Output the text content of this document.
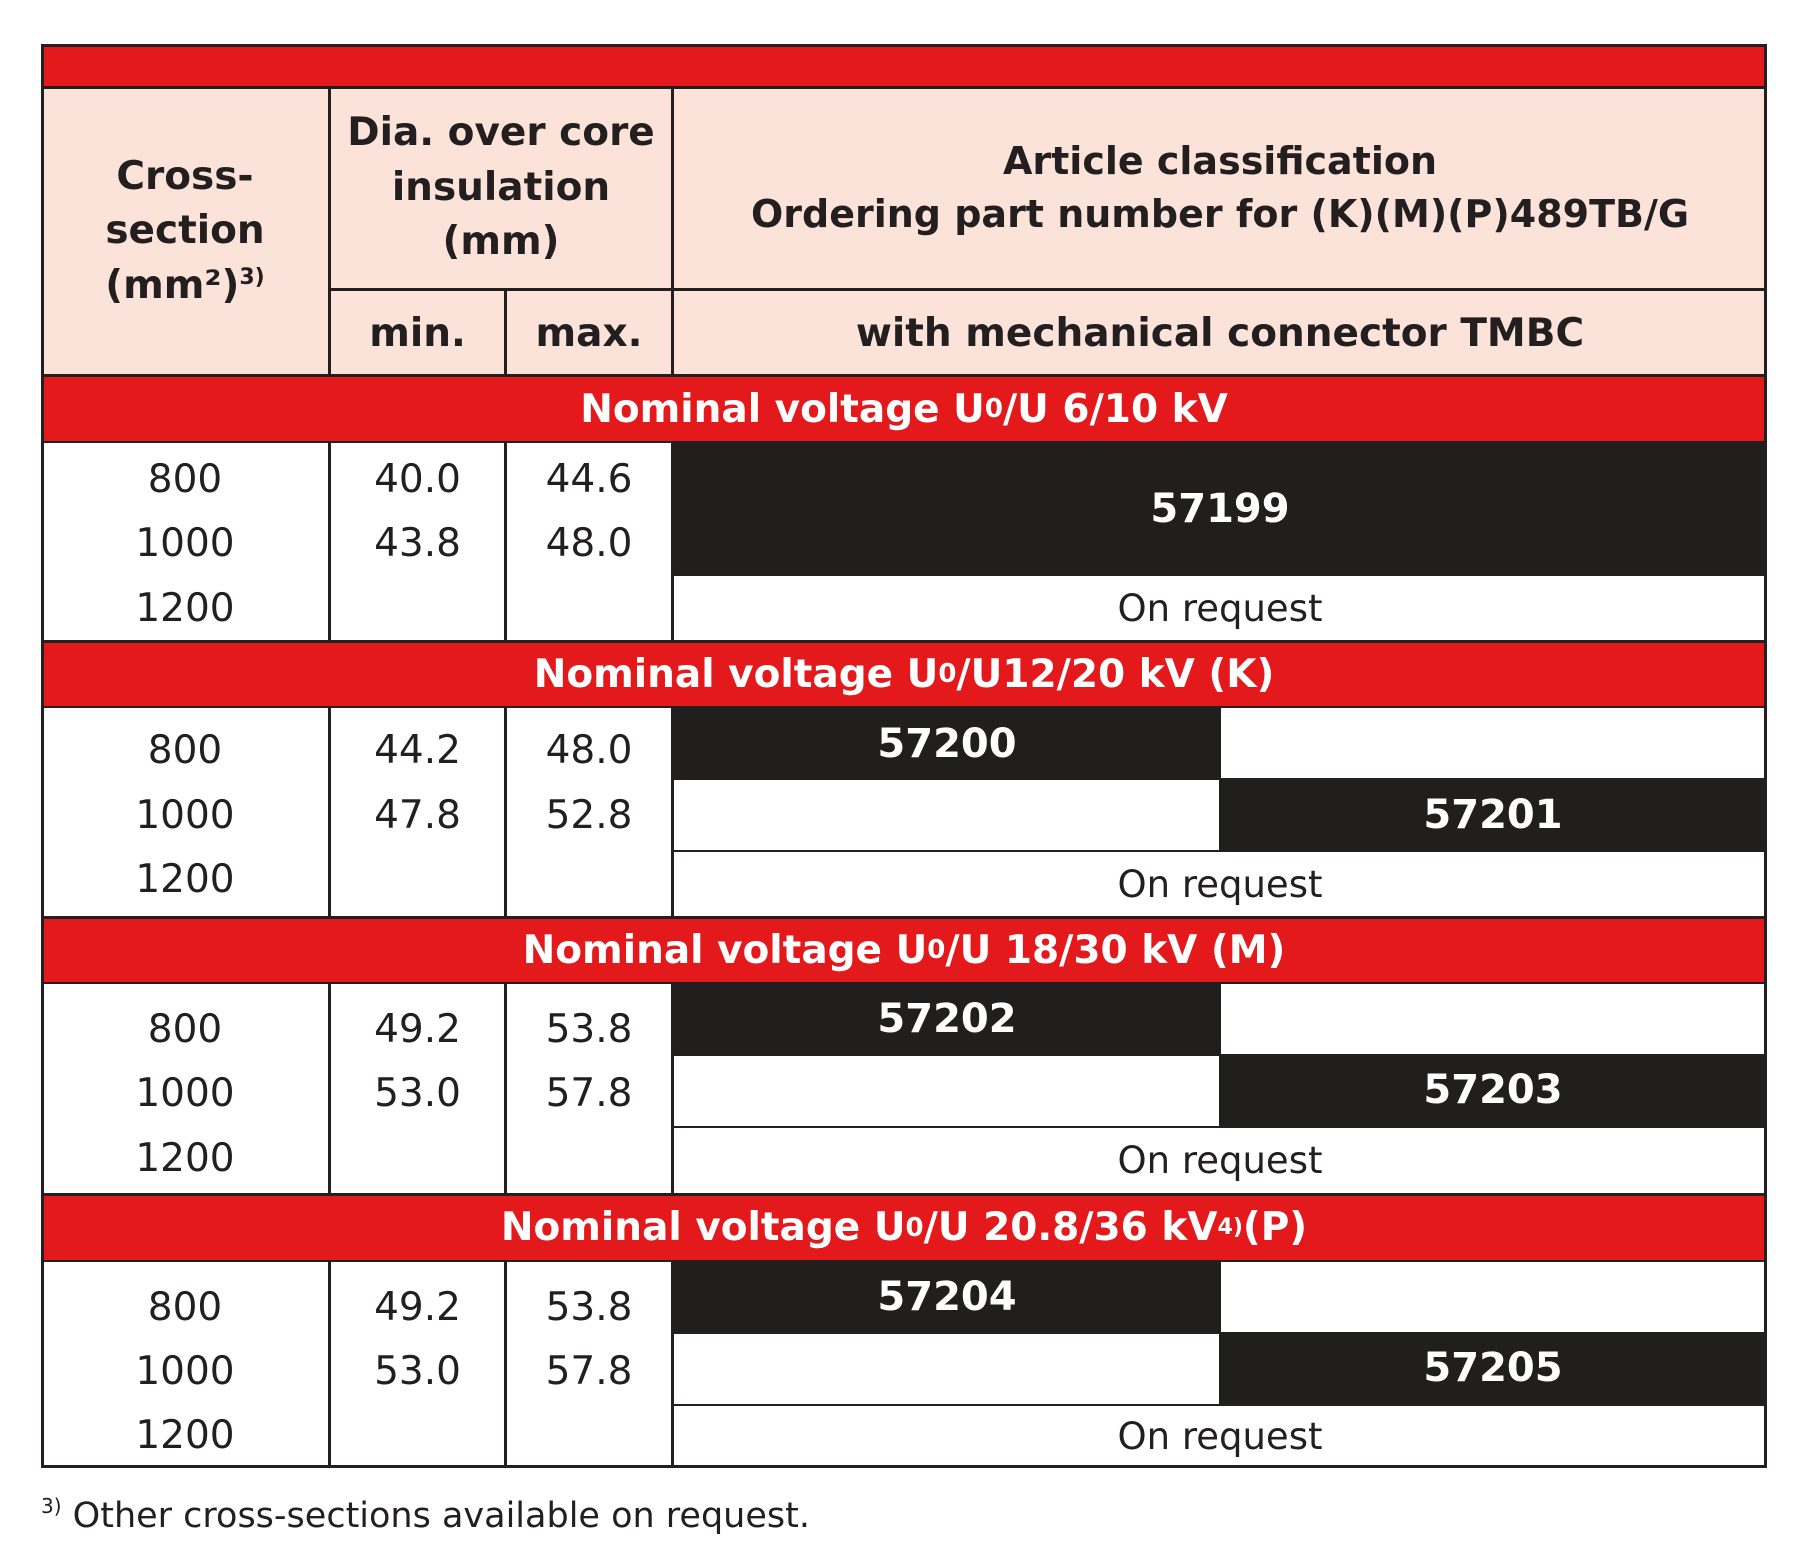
Cross-
section
$(mm^2)^{3)}$
Dia. over core
insulation (mm)
min. max.
Article classification
Ordering part number for (K)(M)(P)489TB/G
with mechanical connector TMBC
Nominal voltage U 0 /U 6/10 kV
57199
On request
Nominal voltage U 0 /U12/20 kV (K)
57200
57201
On request
Nominal voltage U 0 /U 18/30 kV (M)
57202
57203
On request
Nominal voltage U 0 /U 20.8/36 kV 4) (P)
57204
57205
On request
800
1000
1200
40.0
43.8
44.6
48.0
800
1000
1200
44.2
47.8
48.0
52.8
800
1000
1200
49.2
53.0
53.8
57.8
800
1000
1200
49.2
53.0
53.8
57.8
$^{3)}$ Other cross-sections available on request.
